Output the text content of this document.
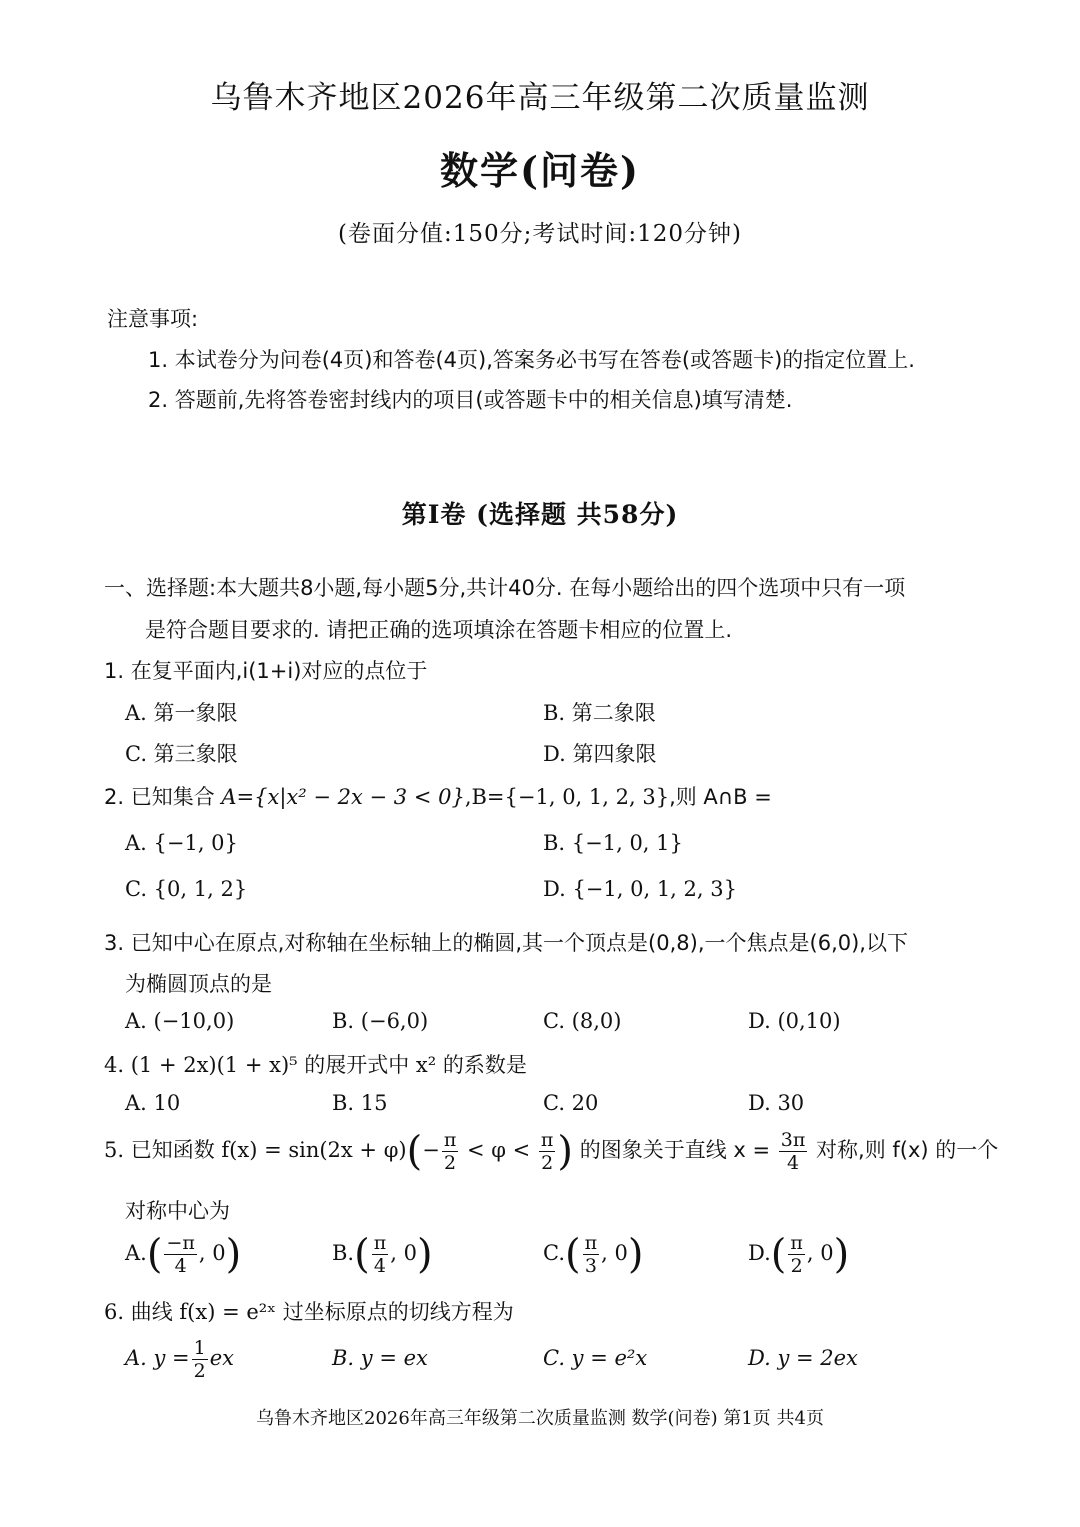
乌鲁木齐地区2026年高三年级第二次质量监测
数学(问卷)
(卷面分值:150分;考试时间:120分钟)
注意事项:
1. 本试卷分为问卷(4页)和答卷(4页),答案务必书写在答卷(或答题卡)的指定位置上.
2. 答题前,先将答卷密封线内的项目(或答题卡中的相关信息)填写清楚.
第Ⅰ卷 (选择题 共58分)
一、选择题:本大题共8小题,每小题5分,共计40分. 在每小题给出的四个选项中只有一项
是符合题目要求的. 请把正确的选项填涂在答题卡相应的位置上.
1. 在复平面内,i(1+i)对应的点位于
A. 第一象限	B. 第二象限
C. 第三象限	D. 第四象限
2. 已知集合 A={x|x² − 2x − 3 < 0},B={−1, 0, 1, 2, 3},则 A∩B =
A. {−1, 0}	B. {−1, 0, 1}
C. {0, 1, 2}	D. {−1, 0, 1, 2, 3}
3. 已知中心在原点,对称轴在坐标轴上的椭圆,其一个顶点是(0,8),一个焦点是(6,0),以下
为椭圆顶点的是
A. (−10,0)	B. (−6,0)	C. (8,0)	D. (0,10)
4. (1 + 2x)(1 + x)⁵ 的展开式中 x² 的系数是
A. 10	B. 15	C. 20	D. 30
5. 已知函数 $f(x) = \sin(2x + \varphi)(- \frac{\pi}{2} < \varphi < \frac{\pi}{2}$ ) 的图象关于直线 $x = \frac{3\pi}{4}$ 对称,则 f(x) 的一个
对称中心为
$A.( \frac{-\pi}{4}$ , 0)	$B.( \frac{\pi}{4}$ , 0)	$C.( \frac{\pi}{3}$ , 0)	$D.( \frac{\pi}{2}$ , 0)
6. 曲线 f(x) = e²ˣ 过坐标原点的切线方程为
A. $y = \frac{1}{2}$ ex	B. y = ex	C. y = e²x	D. y = 2ex
乌鲁木齐地区2026年高三年级第二次质量监测 数学(问卷) 第1页 共4页
